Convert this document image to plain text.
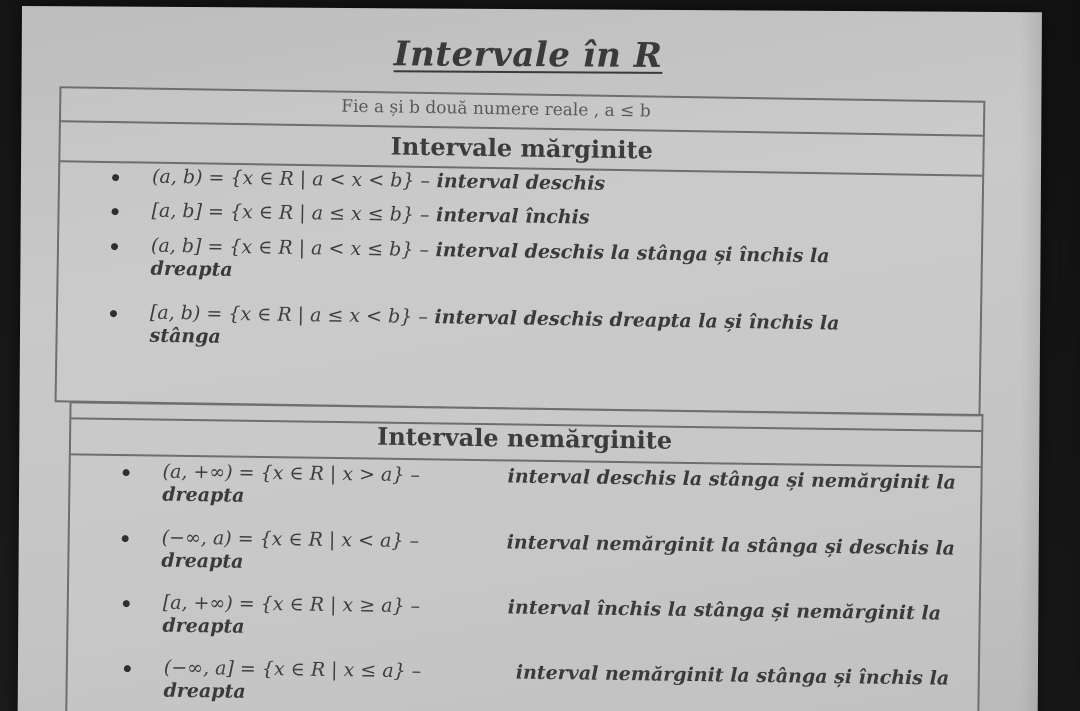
Intervale în R
Fie a și b două numere reale , a ≤ b
Intervale mărginite
(a, b) = {x ∈ R | a < x < b} – interval deschis
[a, b] = {x ∈ R | a ≤ x ≤ b} – interval închis
(a, b] = {x ∈ R | a < x ≤ b} – interval deschis la stânga și închis la
dreapta
[a, b) = {x ∈ R | a ≤ x < b} – interval deschis dreapta la și închis la
stânga
Intervale nemărginite
(a, +∞) = {x ∈ R | x > a} –	interval deschis la stânga și nemărginit la
dreapta
(−∞, a) = {x ∈ R | x < a} –	interval nemărginit la stânga și deschis la
dreapta
[a, +∞) = {x ∈ R | x ≥ a} –	interval închis la stânga și nemărginit la
dreapta
(−∞, a] = {x ∈ R | x ≤ a} –	interval nemărginit la stânga și închis la
dreapta
